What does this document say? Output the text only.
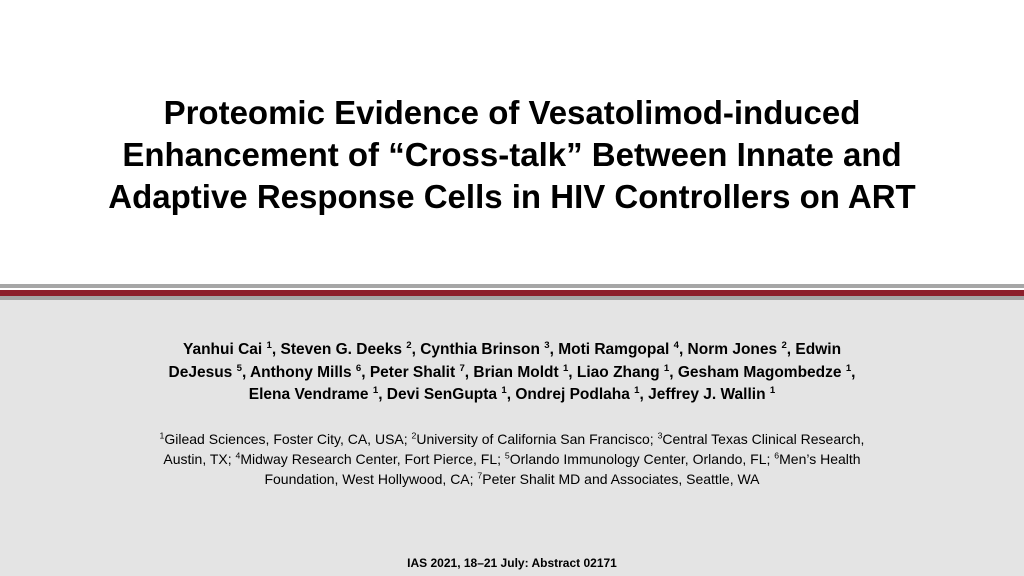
Proteomic Evidence of Vesatolimod-induced
Enhancement of “Cross-talk” Between Innate and
Adaptive Response Cells in HIV Controllers on ART
Yanhui Cai $^1$, Steven G. Deeks $^2$, Cynthia Brinson $^3$, Moti Ramgopal $^4$, Norm Jones $^2$, Edwin
DeJesus $^5$, Anthony Mills $^6$, Peter Shalit $^7$, Brian Moldt $^1$, Liao Zhang $^1$, Gesham Magombedze $^1$,
Elena Vendrame $^1$, Devi SenGupta $^1$, Ondrej Podlaha $^1$, Jeffrey J. Wallin $^1$
$^1$Gilead Sciences, Foster City, CA, USA; $^2$University of California San Francisco; $^3$Central Texas Clinical Research,
Austin, TX; $^4$Midway Research Center, Fort Pierce, FL; $^5$Orlando Immunology Center, Orlando, FL; $^6$Men’s Health
Foundation, West Hollywood, CA; $^7$Peter Shalit MD and Associates, Seattle, WA
IAS 2021, 18–21 July: Abstract 02171
